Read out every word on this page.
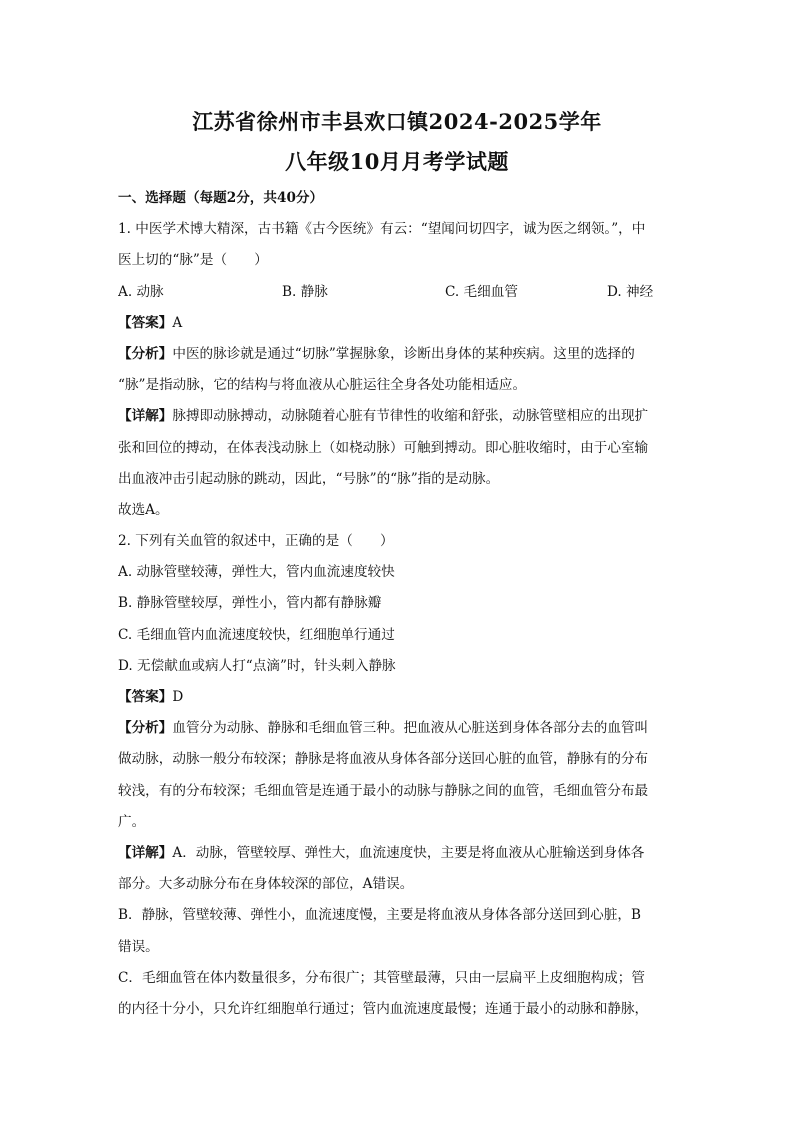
江苏省徐州市丰县欢口镇2024-2025学年
八年级10月月考学试题
一、选择题（每题2分，共40分）
1. 中医学术博大精深，古书籍《古今医统》有云：“望闻问切四字，诚为医之纲领。”，中
医上切的“脉”是（　　）
A. 动脉	B. 静脉	C. 毛细血管	D. 神经
【答案】A
【分析】中医的脉诊就是通过“切脉”掌握脉象，诊断出身体的某种疾病。这里的选择的
“脉”是指动脉，它的结构与将血液从心脏运往全身各处功能相适应。
【详解】脉搏即动脉搏动，动脉随着心脏有节律性的收缩和舒张，动脉管壁相应的出现扩
张和回位的搏动，在体表浅动脉上（如桡动脉）可触到搏动。即心脏收缩时，由于心室输
出血液冲击引起动脉的跳动，因此，“号脉”的“脉”指的是动脉。
故选A。
2. 下列有关血管的叙述中，正确的是（　　）
A. 动脉管壁较薄，弹性大，管内血流速度较快
B. 静脉管壁较厚，弹性小，管内都有静脉瓣
C. 毛细血管内血流速度较快，红细胞单行通过
D. 无偿献血或病人打“点滴”时，针头刺入静脉
【答案】D
【分析】血管分为动脉、静脉和毛细血管三种。把血液从心脏送到身体各部分去的血管叫
做动脉，动脉一般分布较深；静脉是将血液从身体各部分送回心脏的血管，静脉有的分布
较浅，有的分布较深；毛细血管是连通于最小的动脉与静脉之间的血管，毛细血管分布最
广。
【详解】A．动脉，管壁较厚、弹性大，血流速度快，主要是将血液从心脏输送到身体各
部分。大多动脉分布在身体较深的部位，A错误。
B．静脉，管壁较薄、弹性小，血流速度慢，主要是将血液从身体各部分送回到心脏，B
错误。
C．毛细血管在体内数量很多，分布很广；其管壁最薄，只由一层扁平上皮细胞构成；管
的内径十分小，只允许红细胞单行通过；管内血流速度最慢；连通于最小的动脉和静脉，
